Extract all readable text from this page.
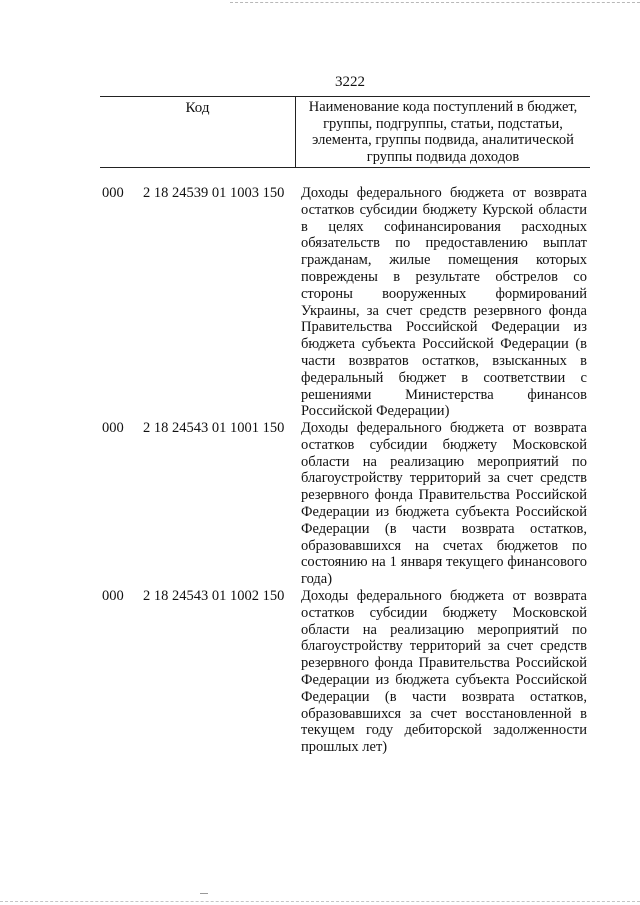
3222
Код	Наименование кода поступлений в бюджет,
группы, подгруппы, статьи, подстатьи,
элемента, группы подвида, аналитической
группы подвида доходов
000 2 18 24539 01 1003 150 Доходы федерального бюджета от возврата
остатков субсидии бюджету Курской области
в целях софинансирования расходных
обязательств по предоставлению выплат
гражданам, жилые помещения которых
повреждены в результате обстрелов со
стороны вооруженных формирований
Украины, за счет средств резервного фонда
Правительства Российской Федерации из
бюджета субъекта Российской Федерации (в
части возвратов остатков, взысканных в
федеральный бюджет в соответствии с
решениями Министерства финансов
Российской Федерации)
000 2 18 24543 01 1001 150 Доходы федерального бюджета от возврата
остатков субсидии бюджету Московской
области на реализацию мероприятий по
благоустройству территорий за счет средств
резервного фонда Правительства Российской
Федерации из бюджета субъекта Российской
Федерации (в части возврата остатков,
образовавшихся на счетах бюджетов по
состоянию на 1 января текущего финансового
года)
000 2 18 24543 01 1002 150 Доходы федерального бюджета от возврата
остатков субсидии бюджету Московской
области на реализацию мероприятий по
благоустройству территорий за счет средств
резервного фонда Правительства Российской
Федерации из бюджета субъекта Российской
Федерации (в части возврата остатков,
образовавшихся за счет восстановленной в
текущем году дебиторской задолженности
прошлых лет)
